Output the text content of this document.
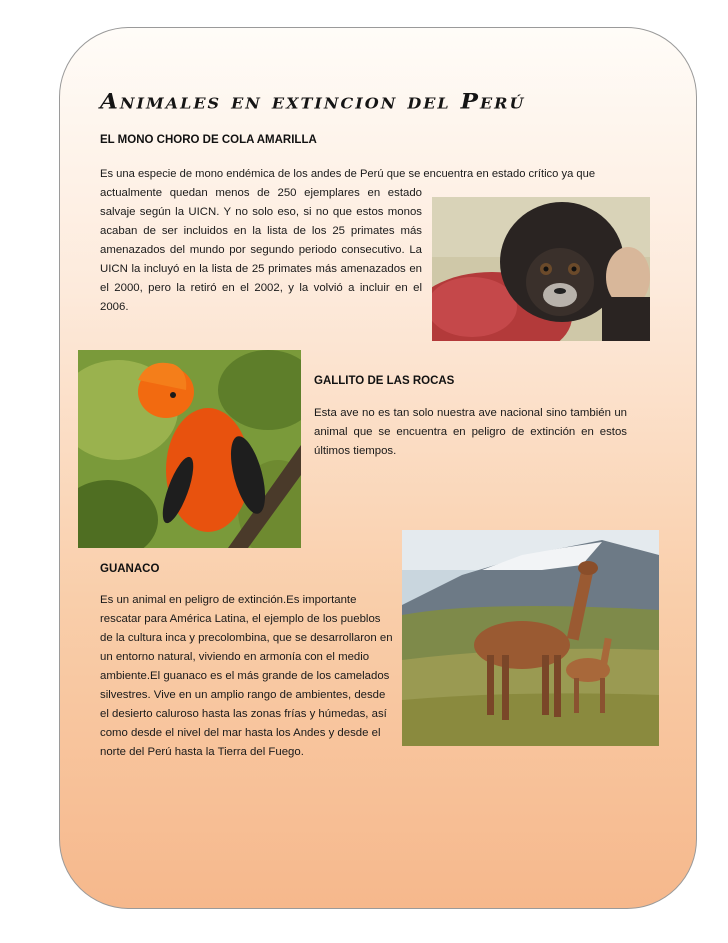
Animales en extincion del Perú
EL MONO CHORO DE COLA AMARILLA

Es una especie de mono endémica de los andes de Perú que se encuentra en estado crítico ya que

actualmente quedan menos de 250 ejemplares en estado salvaje según la UICN. Y no solo eso, si no que estos monos acaban de ser incluidos en la lista de los 25 primates más amenazados del mundo por segundo periodo consecutivo. La UICN la incluyó en la lista de 25 primates más amenazados en el 2000, pero la retiró en el 2002, y la volvió a incluir en el 2006.

GALLITO DE LAS ROCAS

Esta ave no es tan solo nuestra ave nacional sino también un animal que se encuentra en peligro de extinción en estos últimos tiempos.

GUANACO

Es un animal en peligro de extinción.Es importante rescatar para América Latina, el ejemplo de los pueblos de la cultura inca y precolombina, que se desarrollaron en un entorno natural, viviendo en armonía con el medio ambiente.El guanaco es el más grande de los camelados silvestres. Vive en un amplio rango de ambientes, desde el desierto caluroso hasta las zonas frías y húmedas, así como desde el nivel del mar hasta los Andes y desde el norte del Perú hasta la Tierra del Fuego.
